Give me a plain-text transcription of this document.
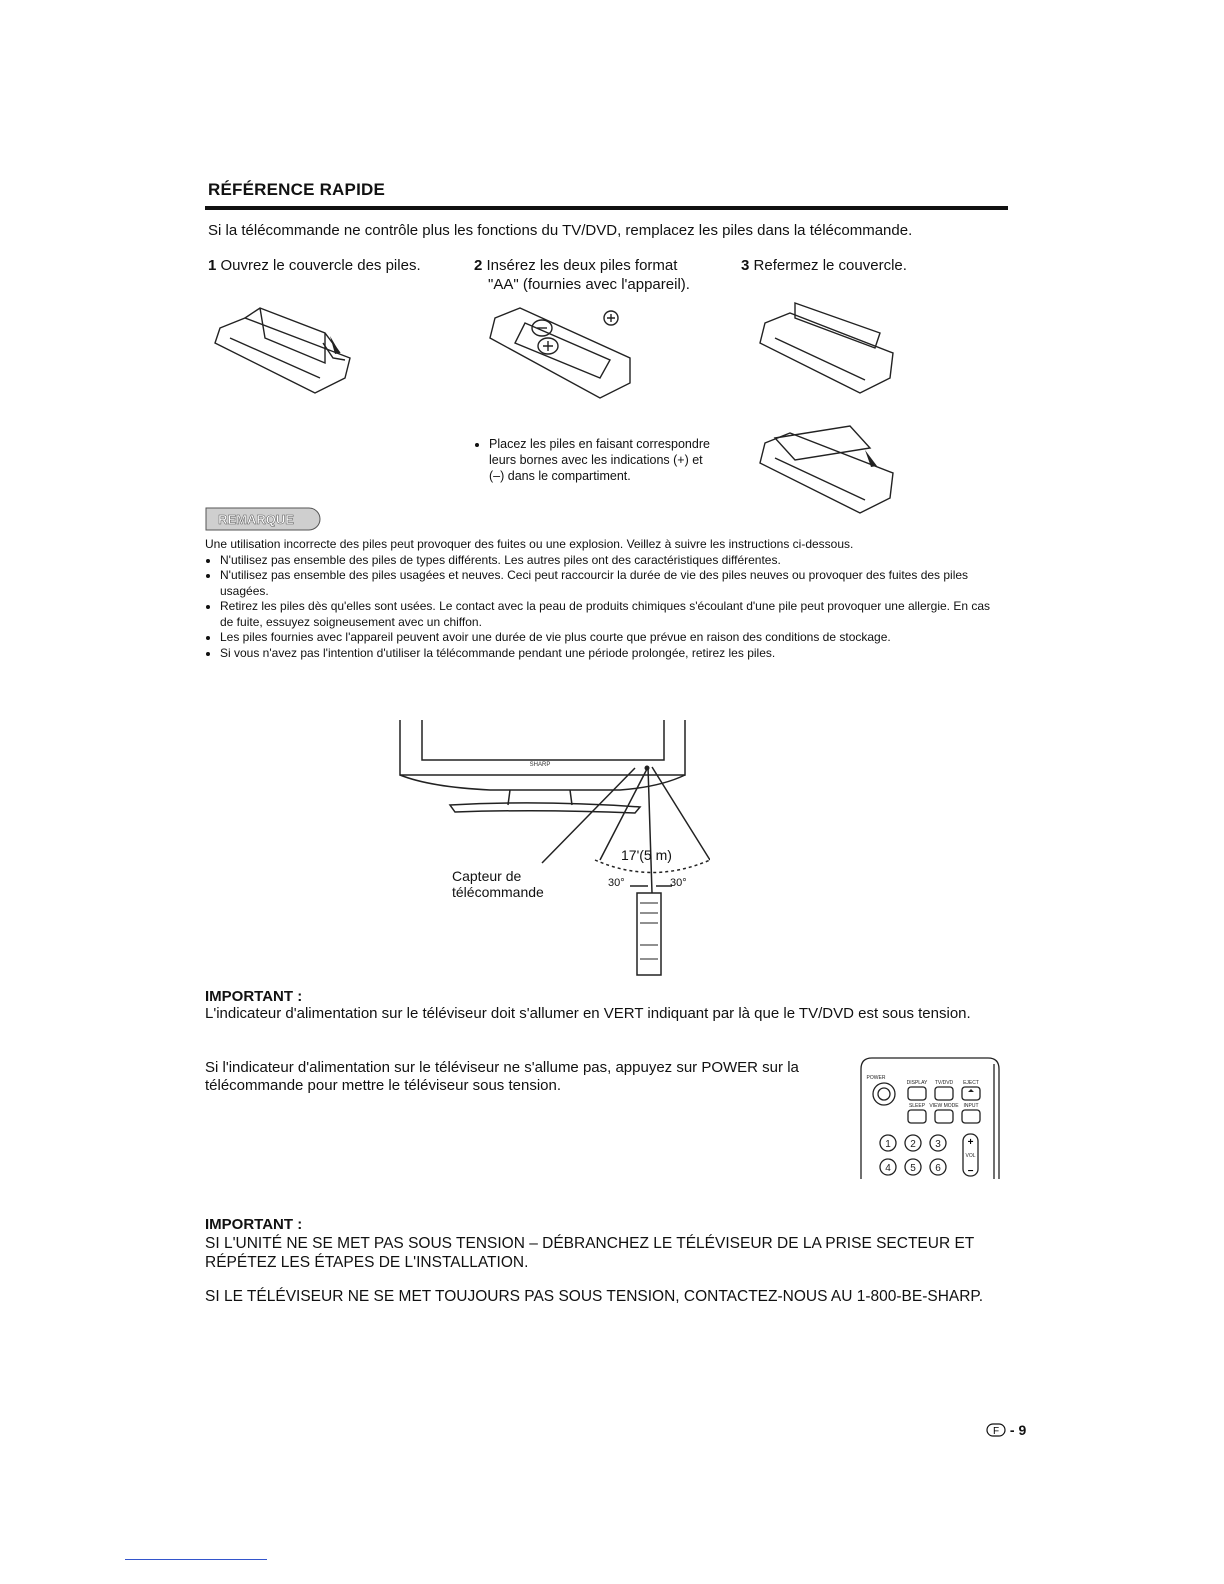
RÉFÉRENCE RAPIDE
Si la télécommande ne contrôle plus les fonctions du TV/DVD, remplacez les piles dans la télécommande.
1 Ouvrez le couvercle des piles.	2 Insérez les deux piles format
"AA" (fournies avec l'appareil).
3 Refermez le couvercle.
• Placez les piles en faisant correspondre leurs bornes avec les indications (+) et (–) dans le compartiment.
REMARQUE

Une utilisation incorrecte des piles peut provoquer des fuites ou une explosion. Veillez à suivre les instructions ci-dessous.

• N'utilisez pas ensemble des piles de types différents. Les autres piles ont des caractéristiques différentes.
• N'utilisez pas ensemble des piles usagées et neuves. Ceci peut raccourcir la durée de vie des piles neuves ou provoquer des fuites des piles usagées.
• Retirez les piles dès qu'elles sont usées. Le contact avec la peau de produits chimiques s'écoulant d'une pile peut provoquer une allergie. En cas de fuite, essuyez soigneusement avec un chiffon.
• Les piles fournies avec l'appareil peuvent avoir une durée de vie plus courte que prévue en raison des conditions de stockage.
• Si vous n'avez pas l'intention d'utiliser la télécommande pendant une période prolongée, retirez les piles.
SHARP
Capteur de
télécommande
17'(5 m)
30°	30°
IMPORTANT :
L'indicateur d'alimentation sur le téléviseur doit s'allumer en VERT indiquant par là que le TV/DVD est sous tension.
Si l'indicateur d'alimentation sur le téléviseur ne s'allume pas, appuyez sur POWER sur la télécommande pour mettre le téléviseur sous tension.
+
−
POWER
DISPLAY TV/DVD EJECT
SLEEP VIEW MODE INPUT
VOL
1 2 3
4 5 6
IMPORTANT :
SI L'UNITÉ NE SE MET PAS SOUS TENSION – DÉBRANCHEZ LE TÉLÉVISEUR DE LA PRISE SECTEUR ET RÉPÉTEZ LES ÉTAPES DE L'INSTALLATION.
SI LE TÉLÉVISEUR NE SE MET TOUJOURS PAS SOUS TENSION, CONTACTEZ-NOUS AU 1-800-BE-SHARP.
F - 9
